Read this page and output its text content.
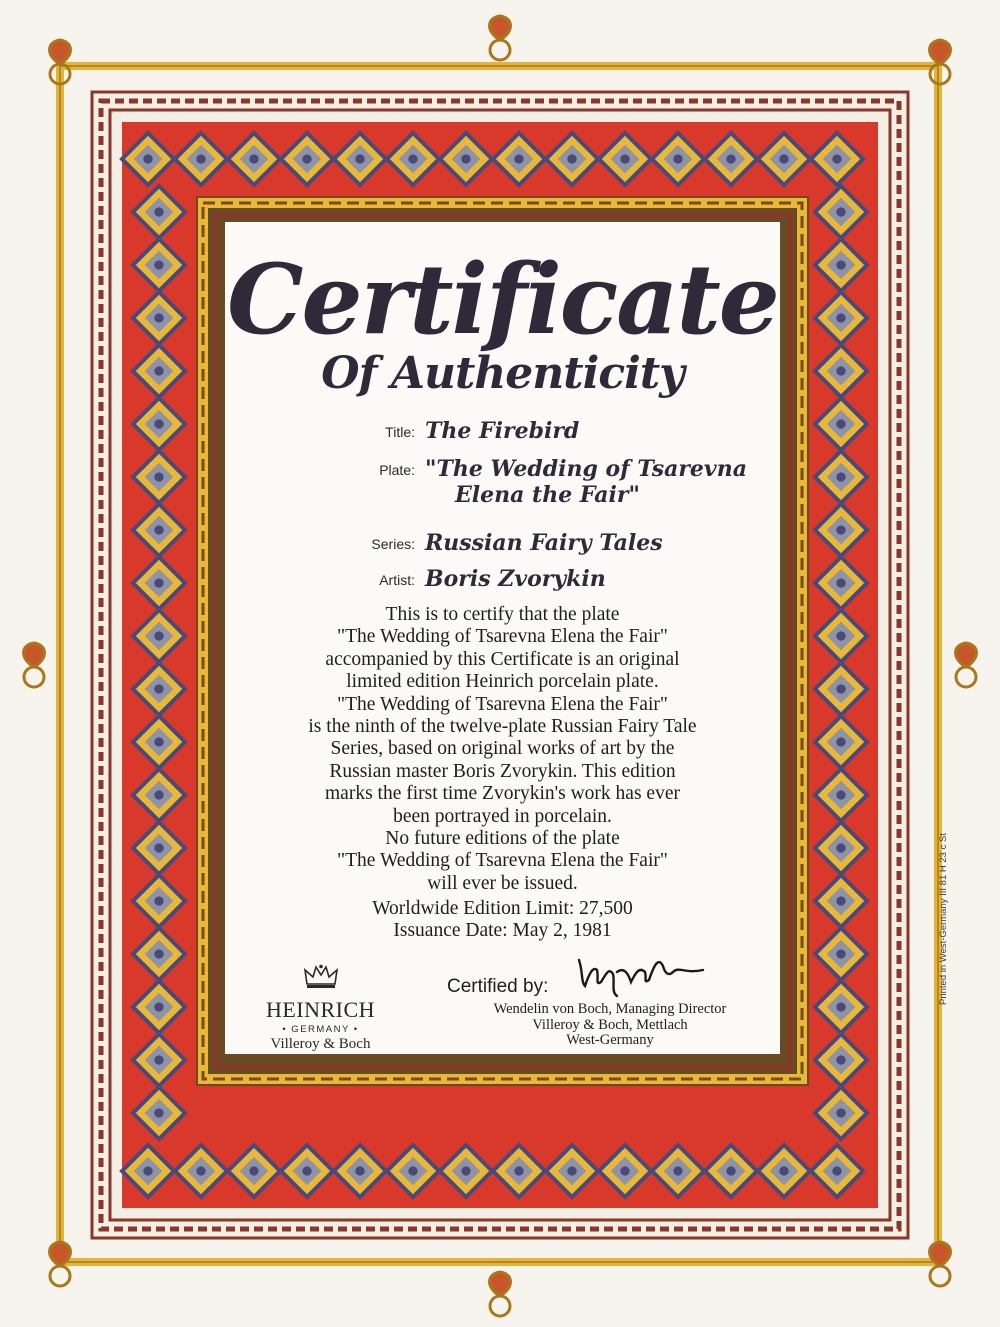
Certificate
Of Authenticity
Title: The Firebird
Plate: "The Wedding of Tsarevna
Elena the Fair"
Series: Russian Fairy Tales
Artist: Boris Zvorykin
This is to certify that the plate
"The Wedding of Tsarevna Elena the Fair"
accompanied by this Certificate is an original
limited edition Heinrich porcelain plate.
"The Wedding of Tsarevna Elena the Fair"
is the ninth of the twelve-plate Russian Fairy Tale
Series, based on original works of art by the
Russian master Boris Zvorykin. This edition
marks the first time Zvorykin's work has ever
been portrayed in porcelain.
No future editions of the plate
"The Wedding of Tsarevna Elena the Fair"
will ever be issued.
Worldwide Edition Limit: 27,500
Issuance Date: May 2, 1981
HEINRICH
• GERMANY •
Villeroy & Boch
Certified by:
Wendelin von Boch, Managing Director
Villeroy & Boch, Mettlach
West-Germany
Printed in West-Germany III 81 H 23 c St
